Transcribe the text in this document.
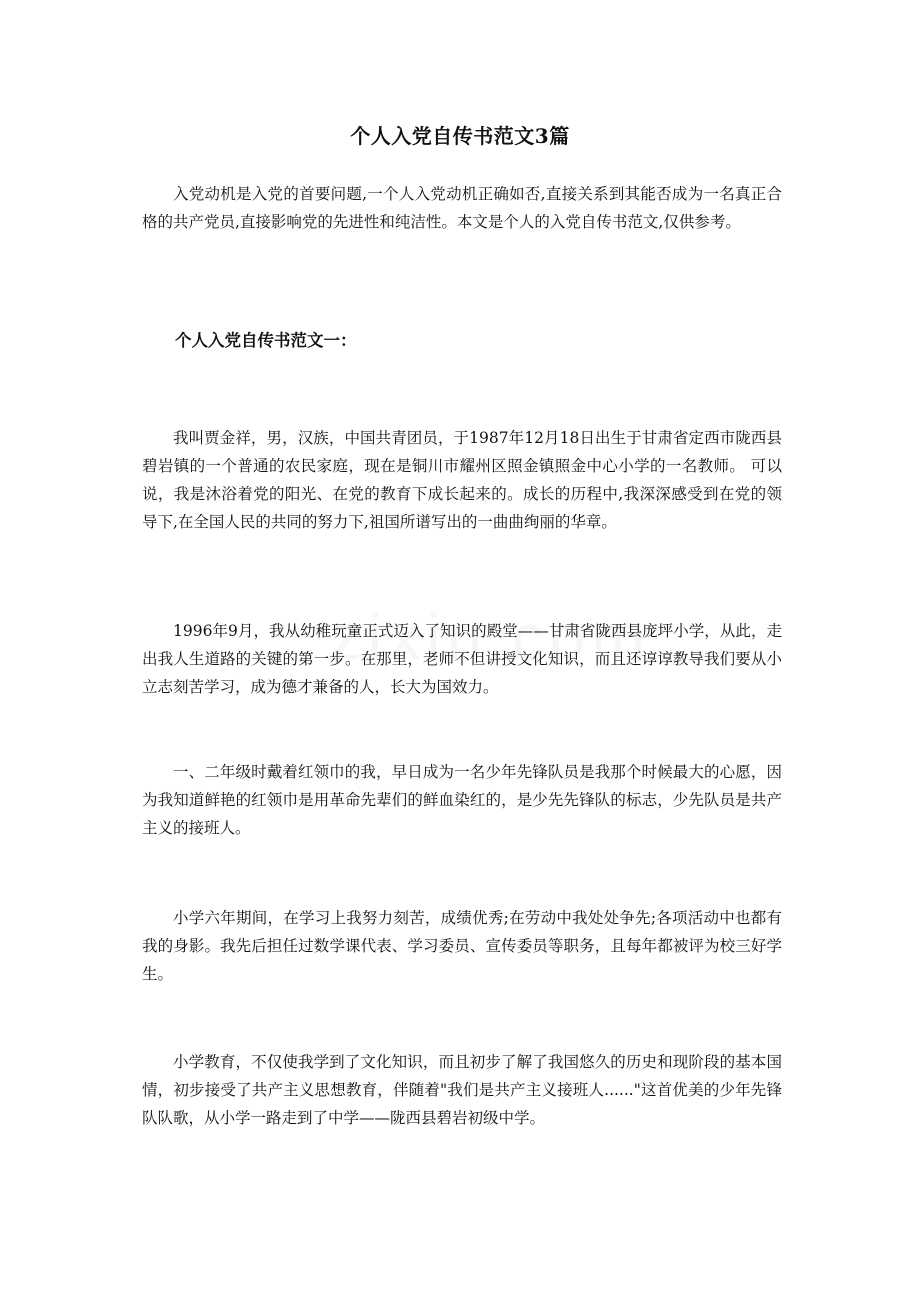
个人入党自传书范文3篇

入党动机是入党的首要问题,一个人入党动机正确如否,直接关系到其能否成为一名真正合格的共产党员,直接影响党的先进性和纯洁性。本文是个人的入党自传书范文,仅供参考。

个人入党自传书范文一：

我叫贾金祥，男，汉族，中国共青团员，于1987年12月18日出生于甘肃省定西市陇西县碧岩镇的一个普通的农民家庭，现在是铜川市耀州区照金镇照金中心小学的一名教师。 可以说，我是沐浴着党的阳光、在党的教育下成长起来的。成长的历程中,我深深感受到在党的领导下,在全国人民的共同的努力下,祖国所谱写出的一曲曲绚丽的华章。

1996年9月，我从幼稚玩童正式迈入了知识的殿堂——甘肃省陇西县庞坪小学，从此，走出我人生道路的关键的第一步。在那里，老师不但讲授文化知识，而且还谆谆教导我们要从小立志刻苦学习，成为德才兼备的人，长大为国效力。

一、二年级时戴着红领巾的我，早日成为一名少年先锋队员是我那个时候最大的心愿，因为我知道鲜艳的红领巾是用革命先辈们的鲜血染红的，是少先先锋队的标志，少先队员是共产主义的接班人。

小学六年期间，在学习上我努力刻苦，成绩优秀;在劳动中我处处争先;各项活动中也都有我的身影。我先后担任过数学课代表、学习委员、宣传委员等职务，且每年都被评为校三好学生。

小学教育，不仅使我学到了文化知识，而且初步了解了我国悠久的历史和现阶段的基本国情，初步接受了共产主义思想教育，伴随着"我们是共产主义接班人......"这首优美的少年先锋队队歌，从小学一路走到了中学——陇西县碧岩初级中学。
